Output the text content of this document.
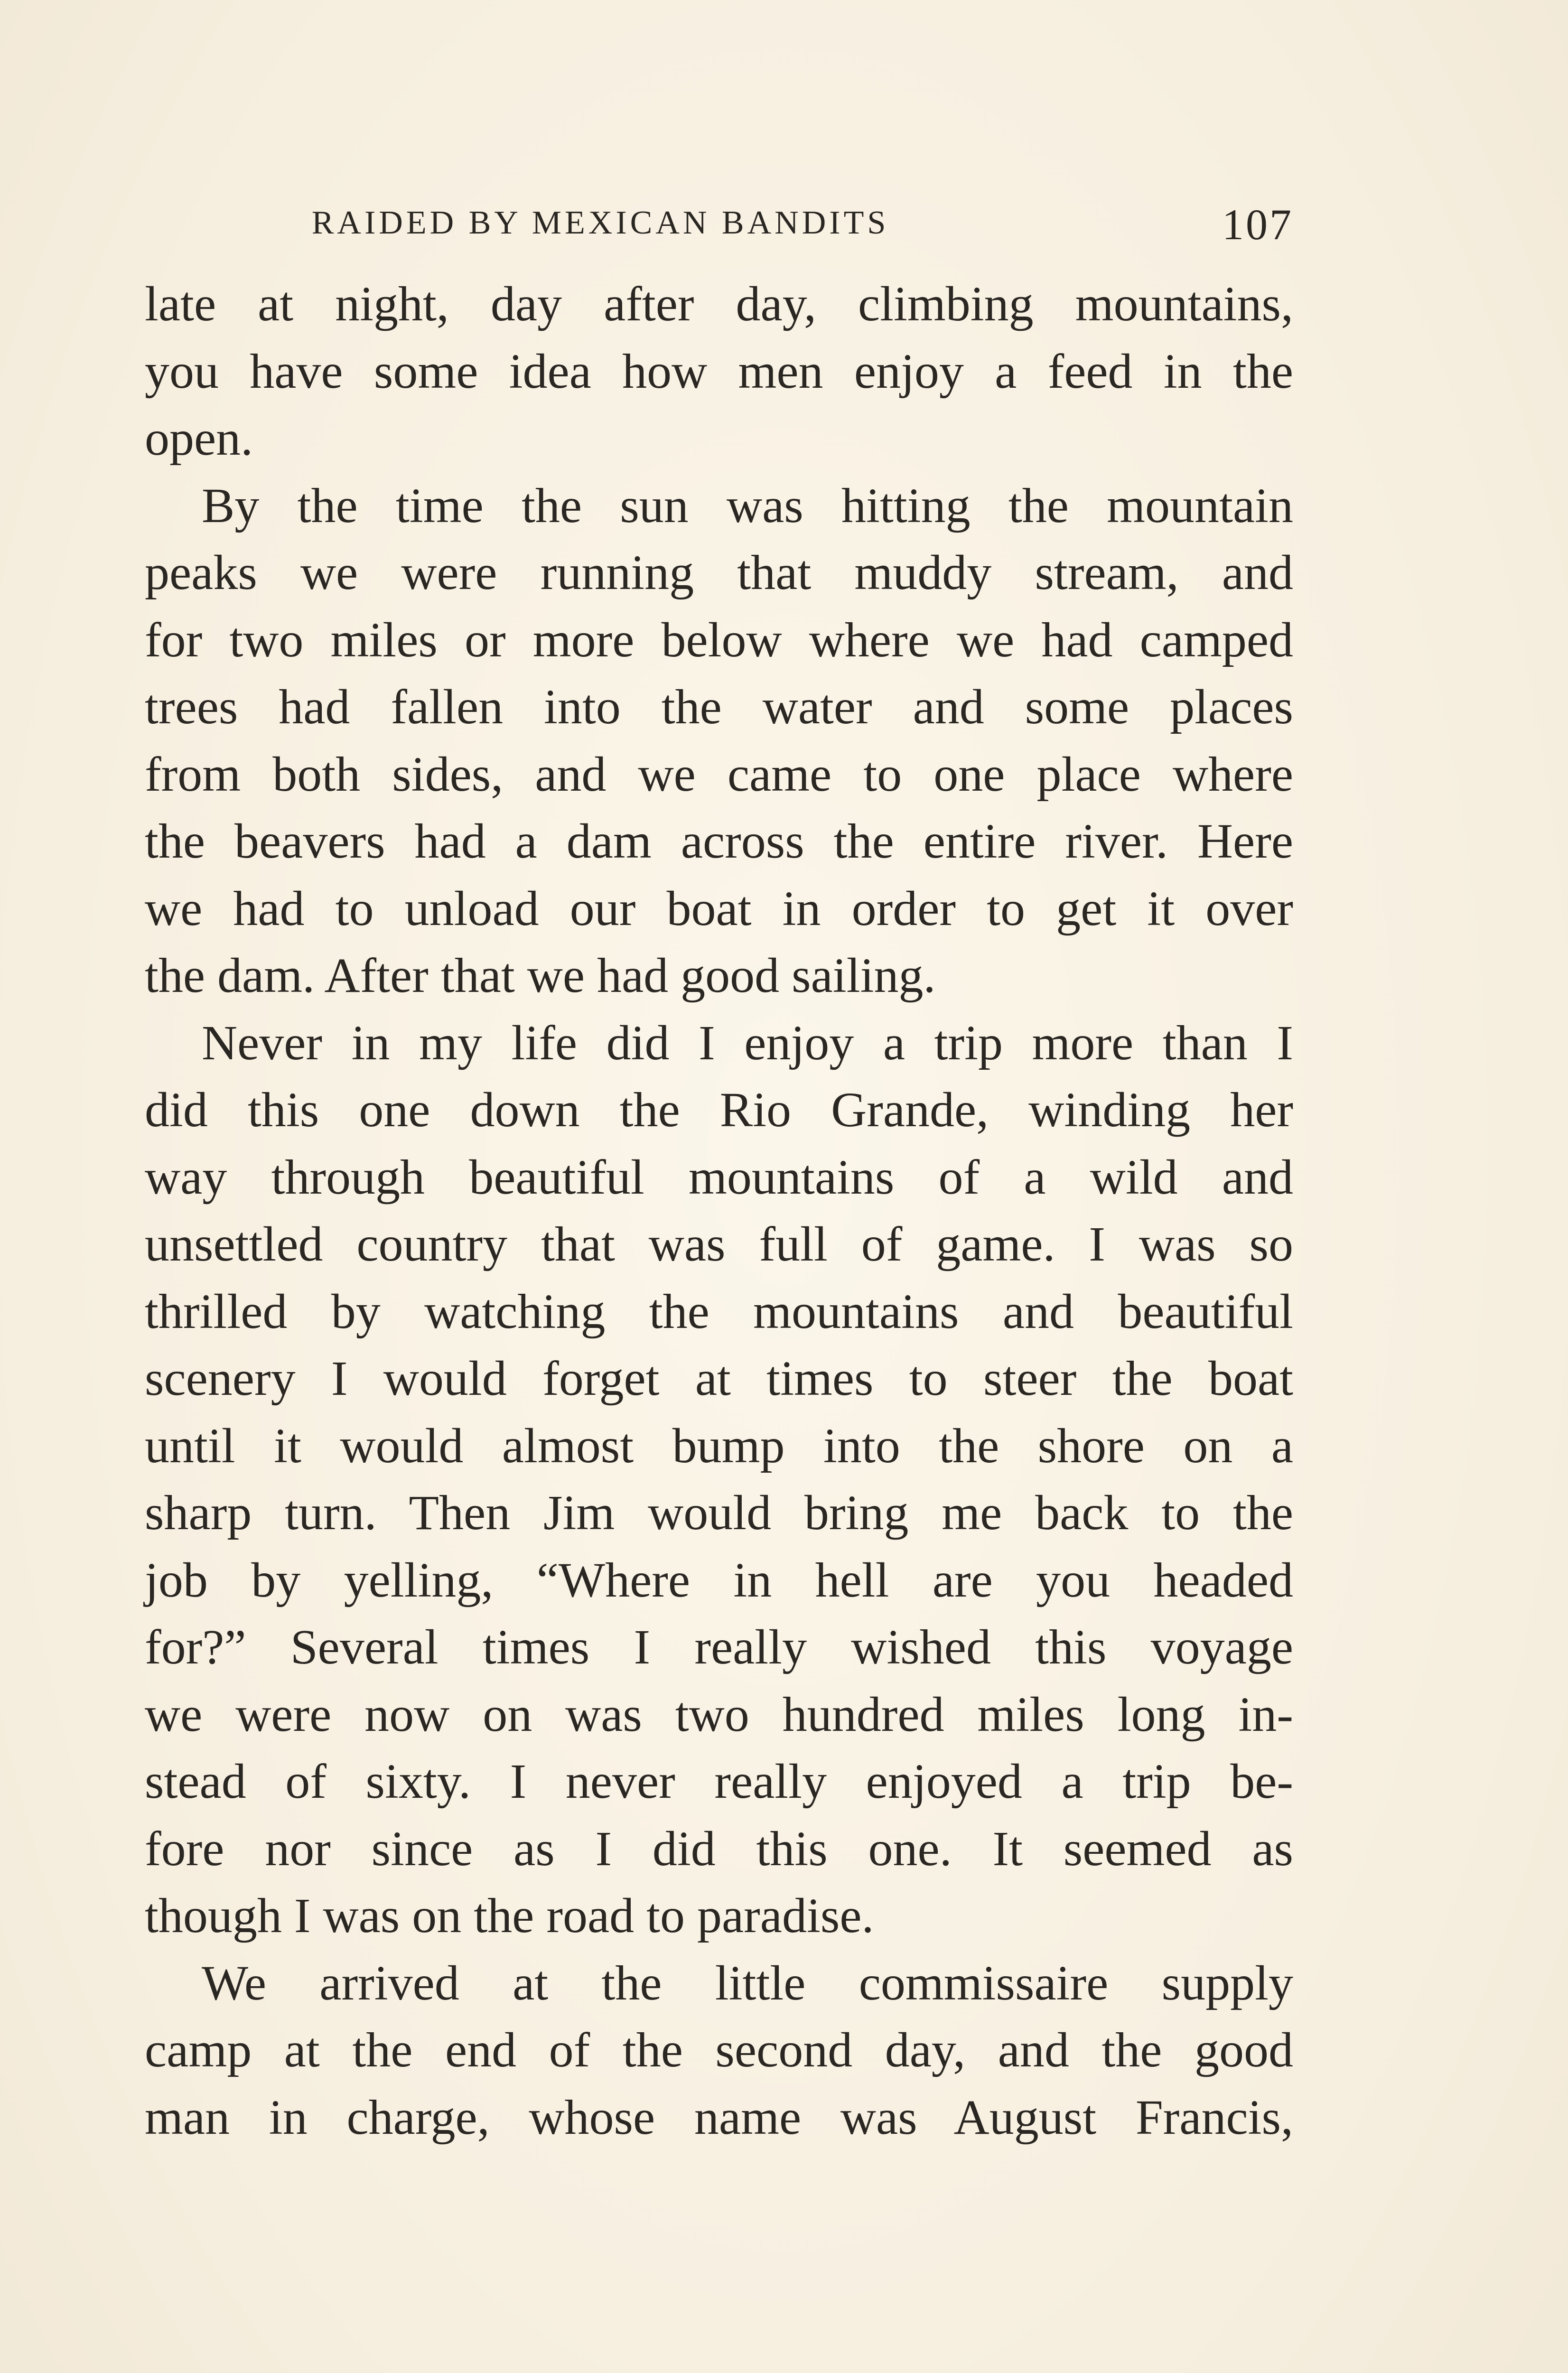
RAIDED BY MEXICAN BANDITS	107

late at night, day after day, climbing mountains,

you have some idea how men enjoy a feed in the

open.

By the time the sun was hitting the mountain

peaks we were running that muddy stream, and

for two miles or more below where we had camped

trees had fallen into the water and some places

from both sides, and we came to one place where

the beavers had a dam across the entire river. Here

we had to unload our boat in order to get it over

the dam. After that we had good sailing.

Never in my life did I enjoy a trip more than I

did this one down the Rio Grande, winding her

way through beautiful mountains of a wild and

unsettled country that was full of game. I was so

thrilled by watching the mountains and beautiful

scenery I would forget at times to steer the boat

until it would almost bump into the shore on a

sharp turn. Then Jim would bring me back to the

job by yelling, “Where in hell are you headed

for?” Several times I really wished this voyage

we were now on was two hundred miles long in-

stead of sixty. I never really enjoyed a trip be-

fore nor since as I did this one. It seemed as

though I was on the road to paradise.

We arrived at the little commissaire supply

camp at the end of the second day, and the good

man in charge, whose name was August Francis,
